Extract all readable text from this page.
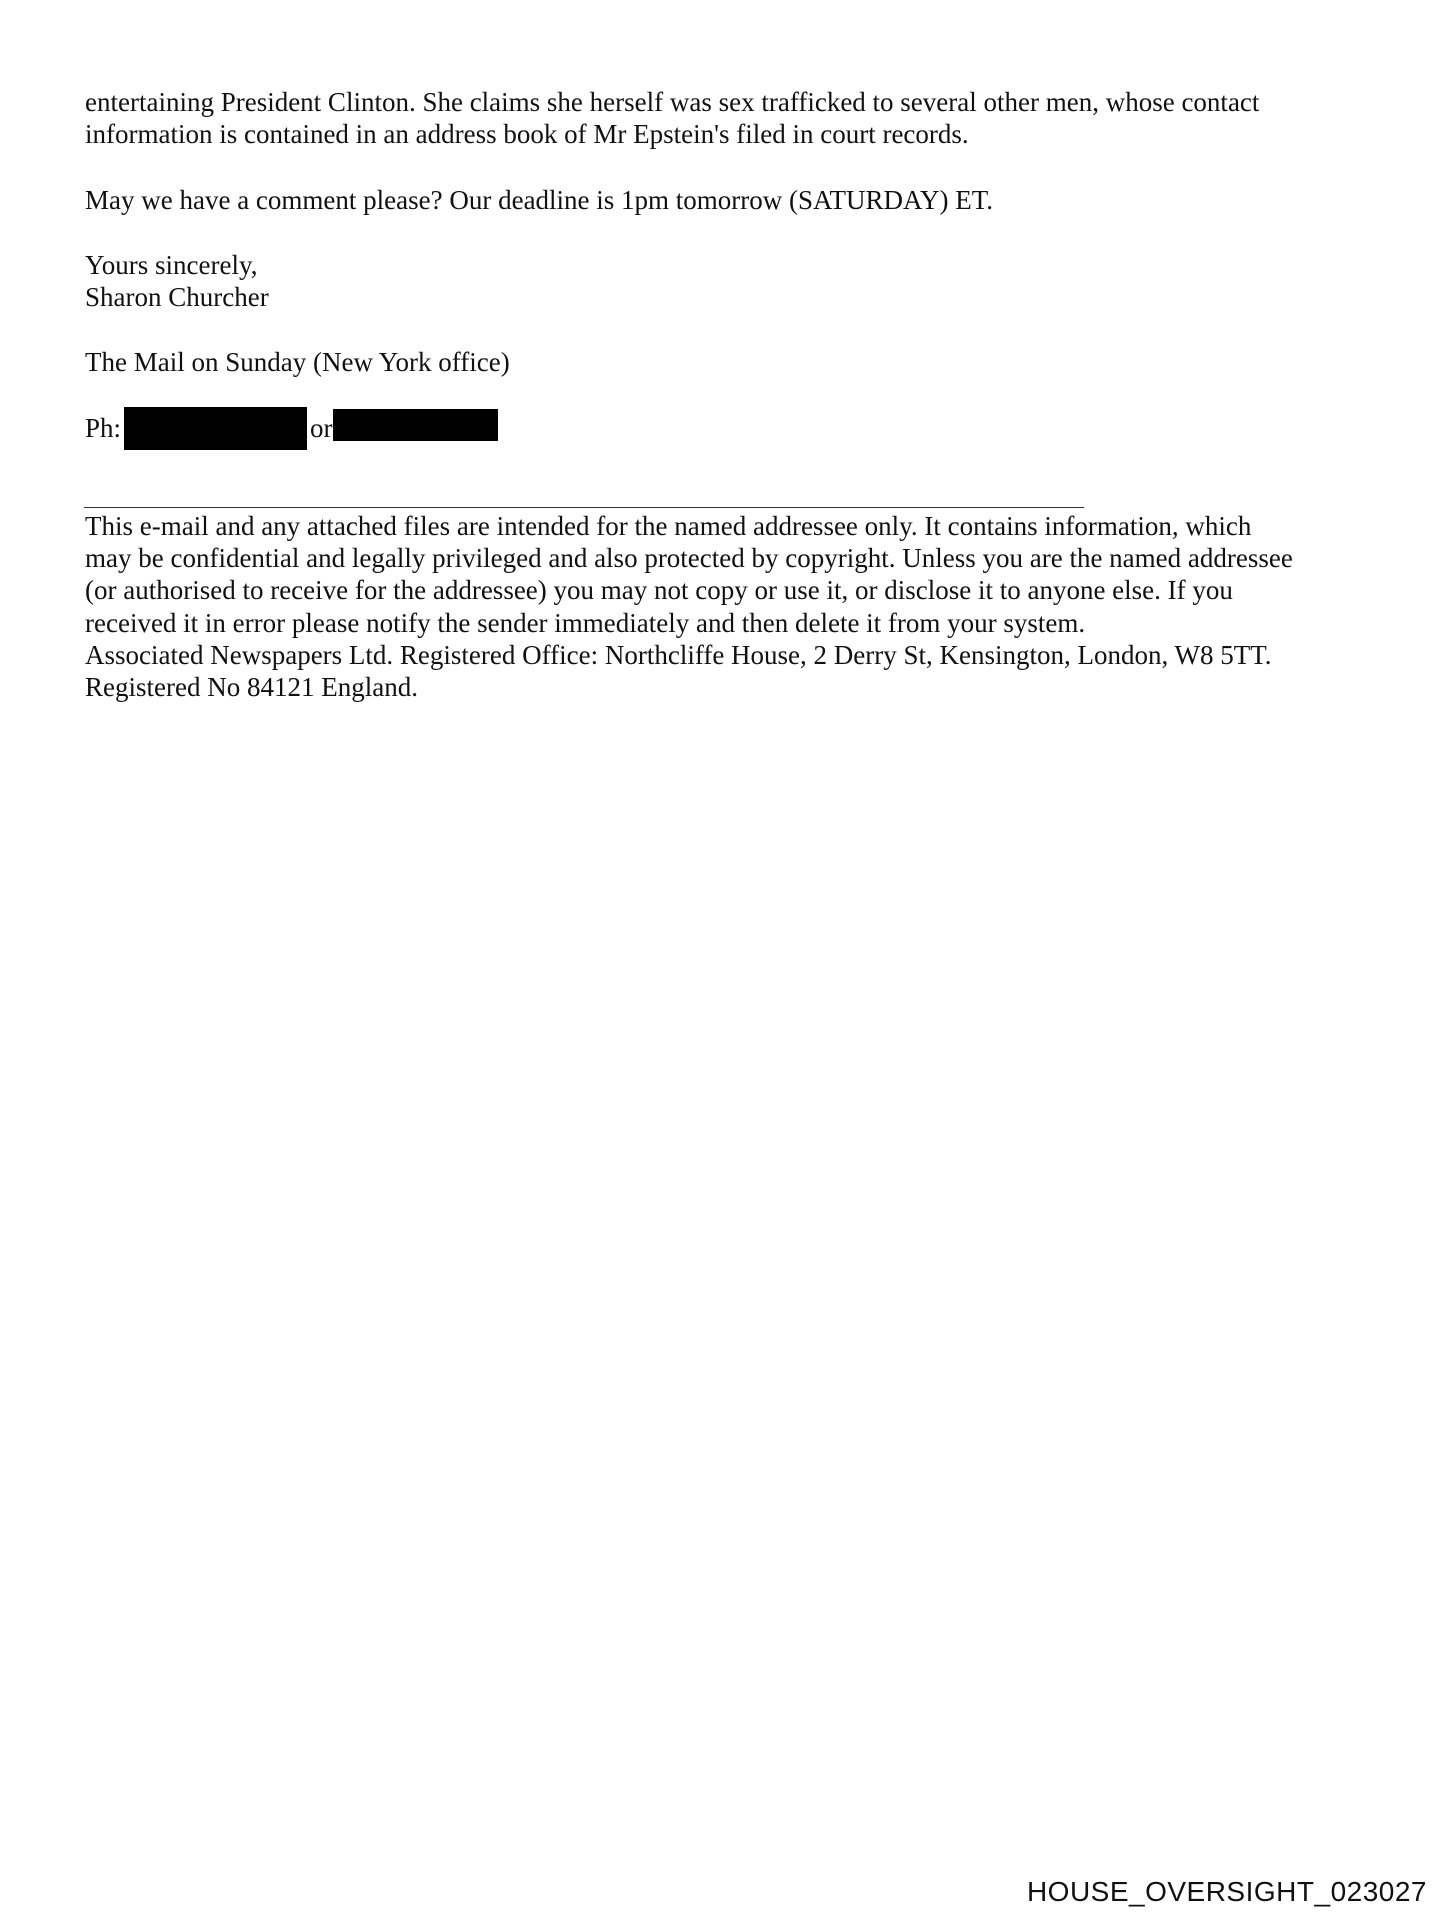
entertaining President Clinton. She claims she herself was sex trafficked to several other men, whose contact
information is contained in an address book of Mr Epstein's filed in court records.
May we have a comment please? Our deadline is 1pm tomorrow (SATURDAY) ET.
Yours sincerely,
Sharon Churcher
The Mail on Sunday (New York office)
Ph:	or
This e-mail and any attached files are intended for the named addressee only. It contains information, which
may be confidential and legally privileged and also protected by copyright. Unless you are the named addressee
(or authorised to receive for the addressee) you may not copy or use it, or disclose it to anyone else. If you
received it in error please notify the sender immediately and then delete it from your system.
Associated Newspapers Ltd. Registered Office: Northcliffe House, 2 Derry St, Kensington, London, W8 5TT.
Registered No 84121 England.
HOUSE_OVERSIGHT_023027
